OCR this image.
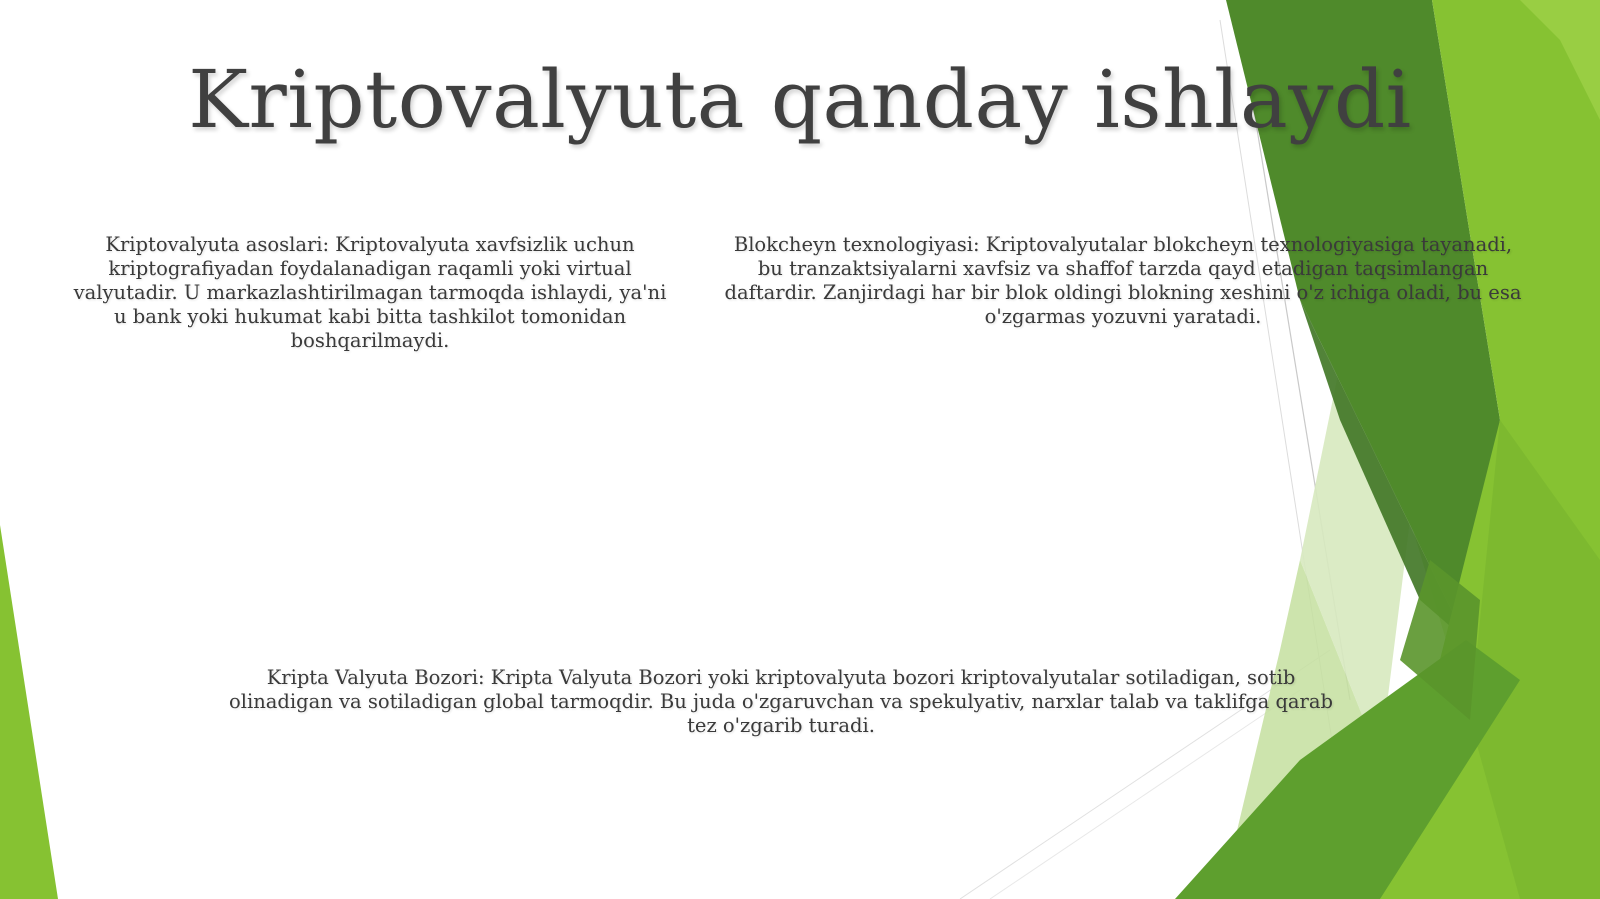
Kriptovalyuta qanday ishlaydi
Kriptovalyuta asoslari: Kriptovalyuta xavfsizlik uchun kriptografiyadan foydalanadigan raqamli yoki virtual valyutadir. U markazlashtirilmagan tarmoqda ishlaydi, ya'ni u bank yoki hukumat kabi bitta tashkilot tomonidan boshqarilmaydi.
Blokcheyn texnologiyasi: Kriptovalyutalar blokcheyn texnologiyasiga tayanadi, bu tranzaktsiyalarni xavfsiz va shaffof tarzda qayd etadigan taqsimlangan daftardir. Zanjirdagi har bir blok oldingi blokning xeshini o'z ichiga oladi, bu esa o'zgarmas yozuvni yaratadi.
Kripta Valyuta Bozori: Kripta Valyuta Bozori yoki kriptovalyuta bozori kriptovalyutalar sotiladigan, sotib olinadigan va sotiladigan global tarmoqdir. Bu juda o'zgaruvchan va spekulyativ, narxlar talab va taklifga qarab tez o'zgarib turadi.
